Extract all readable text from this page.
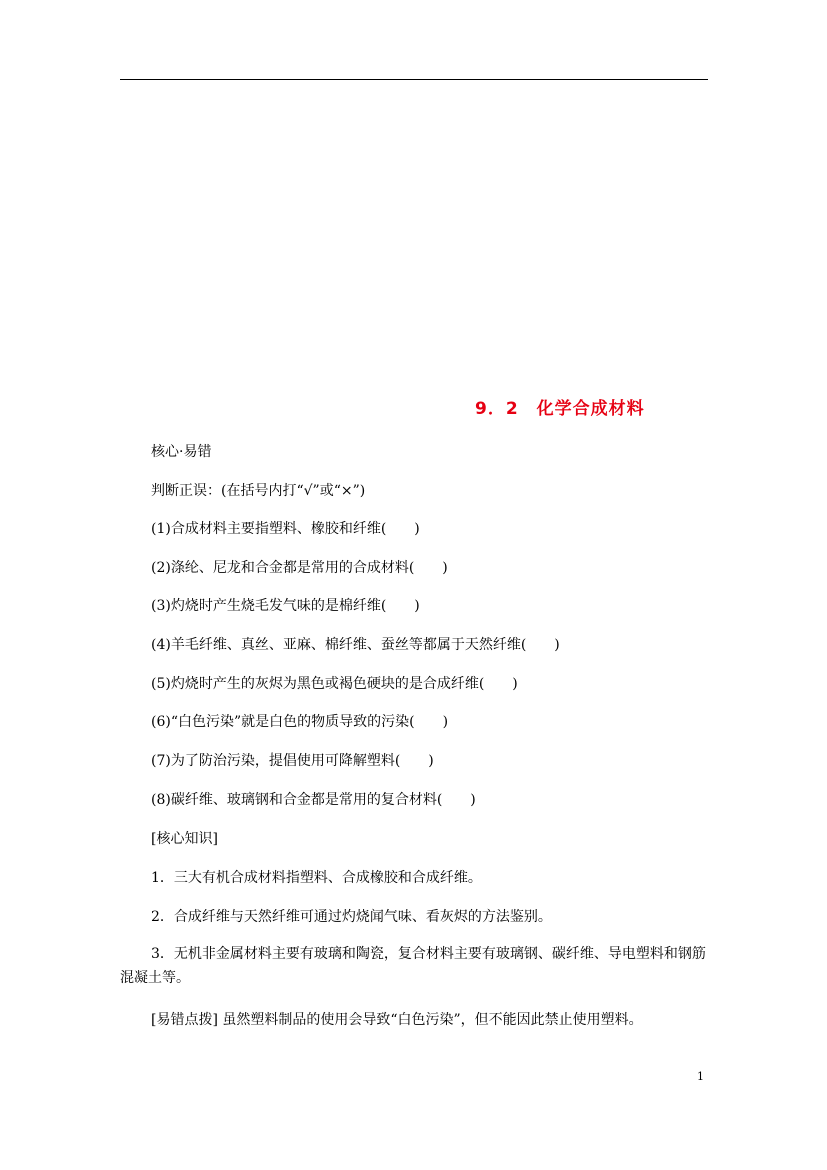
9．2　化学合成材料
核心·易错
判断正误：(在括号内打“√”或“×”)
(1)合成材料主要指塑料、橡胶和纤维(　　)
(2)涤纶、尼龙和合金都是常用的合成材料(　　)
(3)灼烧时产生烧毛发气味的是棉纤维(　　)
(4)羊毛纤维、真丝、亚麻、棉纤维、蚕丝等都属于天然纤维(　　)
(5)灼烧时产生的灰烬为黑色或褐色硬块的是合成纤维(　　)
(6)“白色污染”就是白色的物质导致的污染(　　)
(7)为了防治污染，提倡使用可降解塑料(　　)
(8)碳纤维、玻璃钢和合金都是常用的复合材料(　　)
[核心知识]
1．三大有机合成材料指塑料、合成橡胶和合成纤维。
2．合成纤维与天然纤维可通过灼烧闻气味、看灰烬的方法鉴别。
3．无机非金属材料主要有玻璃和陶瓷，复合材料主要有玻璃钢、碳纤维、导电塑料和钢筋混凝土等。
[易错点拨] 虽然塑料制品的使用会导致“白色污染”，但不能因此禁止使用塑料。
1
